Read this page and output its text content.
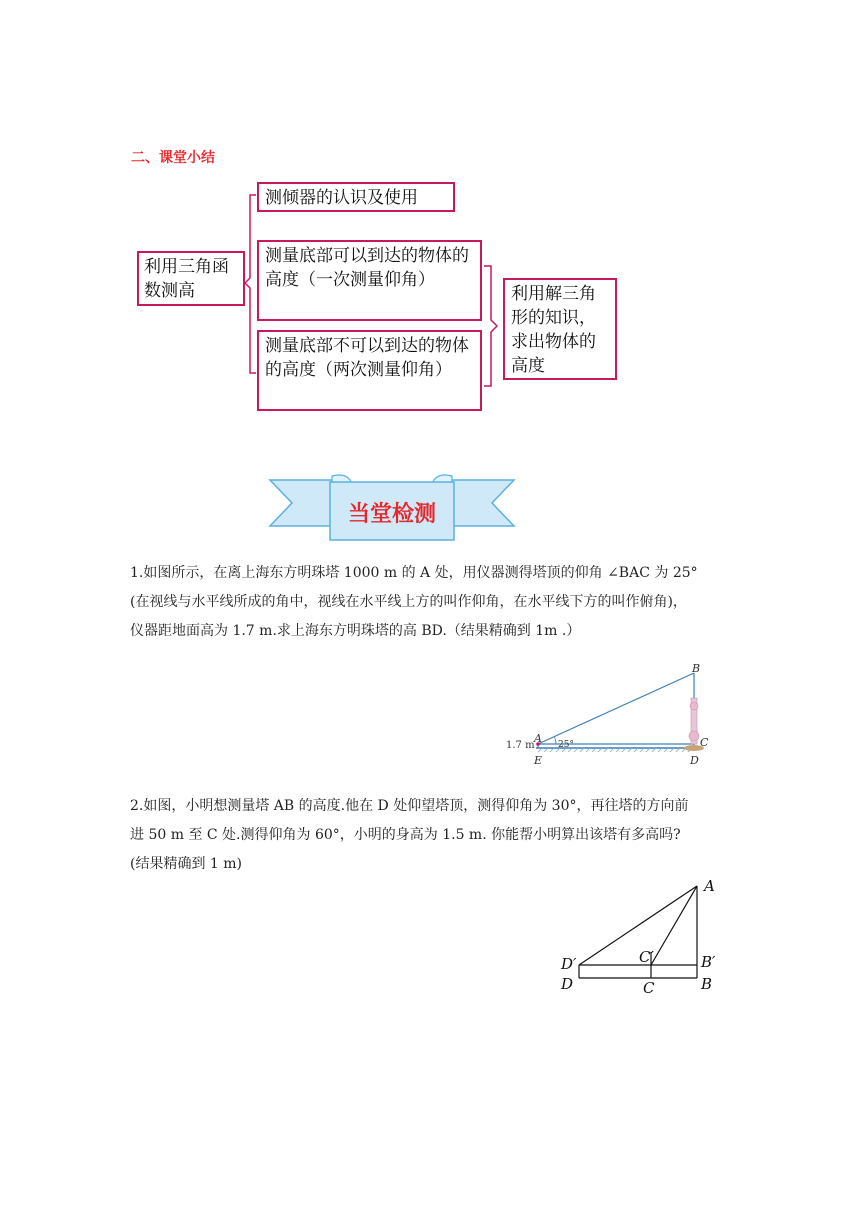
二、课堂小结
利用三角函数测高
测倾器的认识及使用
测量底部可以到达的物体的高度（一次测量仰角）
测量底部不可以到达的物体的高度（两次测量仰角）
利用解三角形的知识，求出物体的高度
当堂检测
1.如图所示，在离上海东方明珠塔 1000 m 的 A 处，用仪器测得塔顶的仰角 ∠BAC 为 25°
(在视线与水平线所成的角中，视线在水平线上方的叫作仰角，在水平线下方的叫作俯角)，
仪器距地面高为 1.7 m.求上海东方明珠塔的高 BD.（结果精确到 1m .）
B
A	C
D
E
1.7 m	25°
2.如图，小明想测量塔 AB 的高度.他在 D 处仰望塔顶，测得仰角为 30°，再往塔的方向前
进 50 m 至 C 处.测得仰角为 60°，小明的身高为 1.5 m. 你能帮小明算出该塔有多高吗?
(结果精确到 1 m)
A
D′	C′	B′
D	C	B
